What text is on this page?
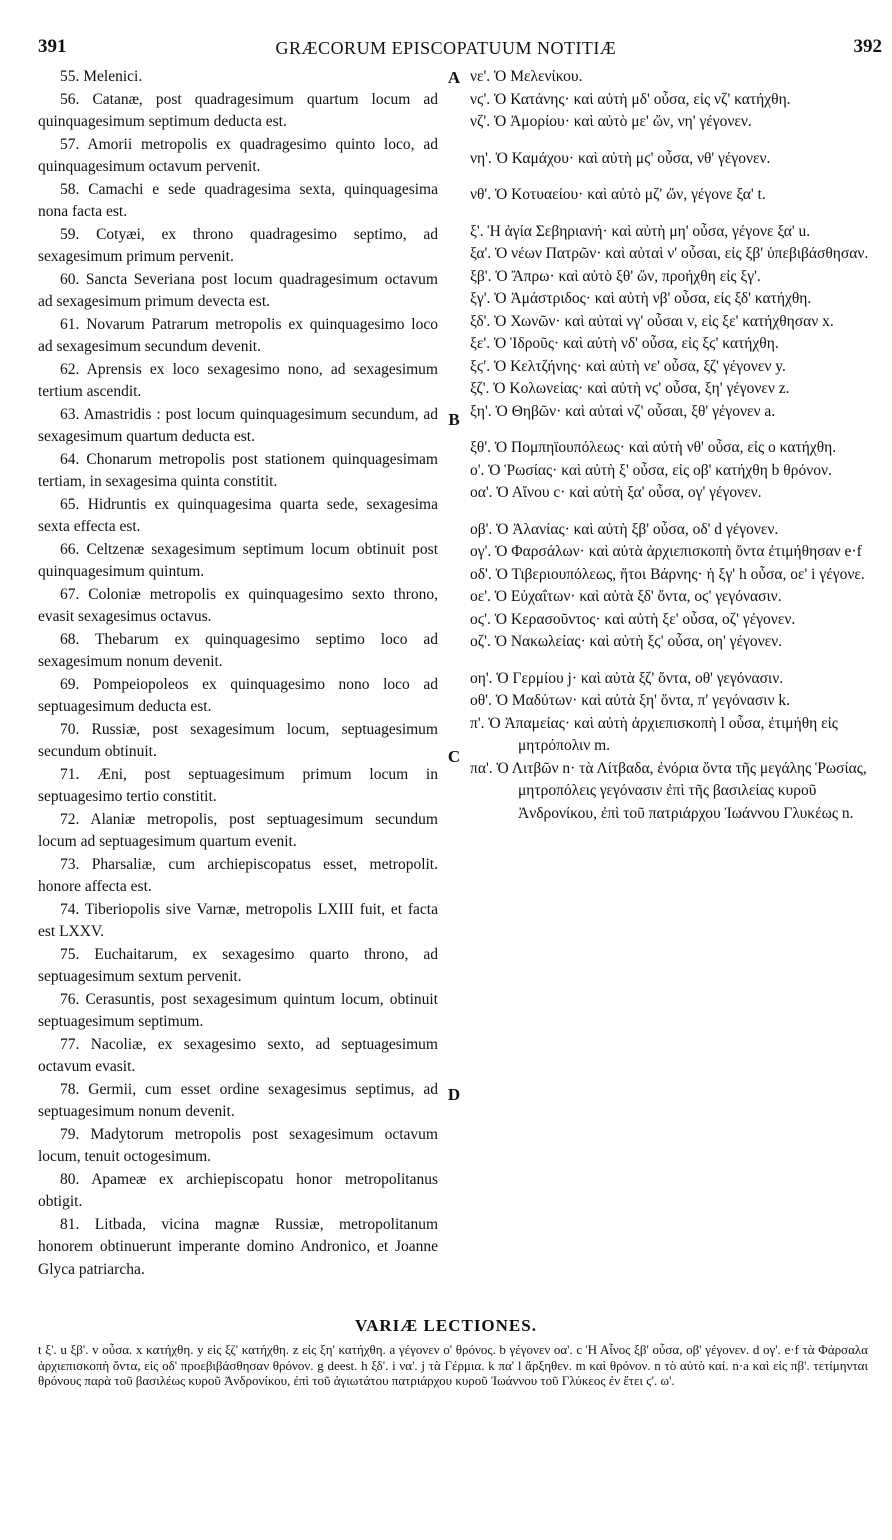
391	GRÆCORUM EPISCOPATUUM NOTITIÆ	392
A
B
C
D

55. Melenici.

56. Catanæ, post quadragesimum quartum locum ad quinquagesimum septimum deducta est.

57. Amorii metropolis ex quadragesimo quinto loco, ad quinquagesimum octavum pervenit.

58. Camachi e sede quadragesima sexta, quinquagesima nona facta est.

59. Cotyæi, ex throno quadragesimo septimo, ad sexagesimum primum pervenit.

60. Sancta Severiana post locum quadragesimum octavum ad sexagesimum primum devecta est.

61. Novarum Patrarum metropolis ex quinquagesimo loco ad sexagesimum secundum devenit.

62. Aprensis ex loco sexagesimo nono, ad sexagesimum tertium ascendit.

63. Amastridis : post locum quinquagesimum secundum, ad sexagesimum quartum deducta est.

64. Chonarum metropolis post stationem quinquagesimam tertiam, in sexagesima quinta constitit.

65. Hidruntis ex quinquagesima quarta sede, sexagesima sexta effecta est.

66. Celtzenæ sexagesimum septimum locum obtinuit post quinquagesimum quintum.

67. Coloniæ metropolis ex quinquagesimo sexto throno, evasit sexagesimus octavus.

68. Thebarum ex quinquagesimo septimo loco ad sexagesimum nonum devenit.

69. Pompeiopoleos ex quinquagesimo nono loco ad septuagesimum deducta est.

70. Russiæ, post sexagesimum locum, septuagesimum secundum obtinuit.

71. Æni, post septuagesimum primum locum in septuagesimo tertio constitit.

72. Alaniæ metropolis, post septuagesimum secundum locum ad septuagesimum quartum evenit.

73. Pharsaliæ, cum archiepiscopatus esset, metropolit. honore affecta est.

74. Tiberiopolis sive Varnæ, metropolis LXIII fuit, et facta est LXXV.

75. Euchaitarum, ex sexagesimo quarto throno, ad septuagesimum sextum pervenit.

76. Cerasuntis, post sexagesimum quintum locum, obtinuit septuagesimum septimum.

77. Nacoliæ, ex sexagesimo sexto, ad septuagesimum octavum evasit.

78. Germii, cum esset ordine sexagesimus septimus, ad septuagesimum nonum devenit.

79. Madytorum metropolis post sexagesimum octavum locum, tenuit octogesimum.

80. Apameæ ex archiepiscopatu honor metropolitanus obtigit.

81. Litbada, vicina magnæ Russiæ, metropolitanum honorem obtinuerunt imperante domino Andronico, et Joanne Glyca patriarcha.

νε'. Ὁ Μελενίκου.

νϛ'. Ὁ Κατάνης· καὶ αὐτὴ μδ' οὖσα, εἰς νζ' κατήχθη.

νζ'. Ὁ Ἀμορίου· καὶ αὐτὸ με' ὤν, νη' γέγονεν.

νη'. Ὁ Καμάχου· καὶ αὐτὴ μϛ' οὖσα, νθ' γέγονεν.

νθ'. Ὁ Κοτυαείου· καὶ αὐτὸ μζ' ὤν, γέγονε ξα' t.

ξ'. Ἡ ἁγία Σεβηριανή· καὶ αὐτὴ μη' οὖσα, γέγονε ξα' u.

ξα'. Ὁ νέων Πατρῶν· καὶ αὐταὶ ν' οὖσαι, εἰς ξβ' ὑπεβιβάσθησαν.

ξβ'. Ὁ Ἄπρω· καὶ αὐτὸ ξθ' ὤν, προήχθη εἰς ξγ'.

ξγ'. Ὁ Ἀμάστριδος· καὶ αὐτὴ νβ' οὖσα, εἰς ξδ' κατήχθη.

ξδ'. Ὁ Χωνῶν· καὶ αὐταὶ νγ' οὖσαι v, εἰς ξε' κατήχθησαν x.

ξε'. Ὁ Ἱδροῦς· καὶ αὐτὴ νδ' οὖσα, εἰς ξϛ' κατήχθη.

ξϛ'. Ὁ Κελτζήνης· καὶ αὐτὴ νε' οὖσα, ξζ' γέγονεν y.

ξζ'. Ὁ Κολωνείας· καὶ αὐτὴ νϛ' οὖσα, ξη' γέγονεν z.

ξη'. Ὁ Θηβῶν· καὶ αὐταὶ νζ' οὖσαι, ξθ' γέγονεν a.

ξθ'. Ὁ Πομπηϊουπόλεως· καὶ αὐτὴ νθ' οὖσα, εἰς ο κατήχθη.

ο'. Ὁ Ῥωσίας· καὶ αὐτὴ ξ' οὖσα, εἰς οβ' κατήχθη b θρόνον.

οα'. Ὁ Αἴνου c· καὶ αὐτὴ ξα' οὖσα, ογ' γέγονεν.

οβ'. Ὁ Ἀλανίας· καὶ αὐτὴ ξβ' οὖσα, οδ' d γέγονεν.

ογ'. Ὁ Φαρσάλων· καὶ αὐτὰ ἀρχιεπισκοπὴ ὄντα ἐτιμήθησαν e·f

οδ'. Ὁ Τιβεριουπόλεως, ἤτοι Βάρνης· ἡ ξγ' h οὖσα, οε' i γέγονε.

οε'. Ὁ Εὐχαΐτων· καὶ αὐτὰ ξδ' ὄντα, οϛ' γεγόνασιν.

οϛ'. Ὁ Κερασοῦντος· καὶ αὐτὴ ξε' οὖσα, οζ' γέγονεν.

οζ'. Ὁ Νακωλείας· καὶ αὐτὴ ξϛ' οὖσα, οη' γέγονεν.

οη'. Ὁ Γερμίου j· καὶ αὐτὰ ξζ' ὄντα, οθ' γεγόνασιν.

οθ'. Ὁ Μαδύτων· καὶ αὐτὰ ξη' ὄντα, π' γεγόνασιν k.

π'. Ὁ Ἀπαμείας· καὶ αὐτὴ ἀρχιεπισκοπὴ l οὖσα, ἐτιμήθη εἰς μητρόπολιν m.

πα'. Ὁ Λιτβῶν n· τὰ Λίτβαδα, ἐνόρια ὄντα τῆς μεγάλης Ῥωσίας, μητροπόλεις γεγόνασιν ἐπὶ τῆς βασιλείας κυροῦ Ἀνδρονίκου, ἐπὶ τοῦ πατριάρχου Ἰωάννου Γλυκέως n.

VARIÆ LECTIONES.
t ξ'. u ξβ'. v οὖσα. x κατήχθη. y εἰς ξζ' κατήχθη. z εἰς ξη' κατήχθη. a γέγονεν ο' θρόνος. b γέγονεν οα'. c Ἡ Αἶνος ξβ' οὖσα, οβ' γέγονεν. d ογ'. e·f τὰ Φάρσαλα ἀρχιεπισκοπὴ ὄντα, εἰς οδ' προεβιβάσθησαν θρόνον. g deest. h ξδ'. i να'. j τὰ Γέρμια. k πα' l ἄρξηθεν. m καὶ θρόνον. n τὸ αὐτὸ καί. n·a καὶ εἰς πβ'. τετίμηνται θρόνους παρὰ τοῦ βασιλέως κυροῦ Ἀνδρονίκου, ἐπὶ τοῦ ἁγιωτάτου πατριάρχου κυροῦ Ἰωάννου τοῦ Γλύκεος ἐν ἔτει ϛ'. ω'.
